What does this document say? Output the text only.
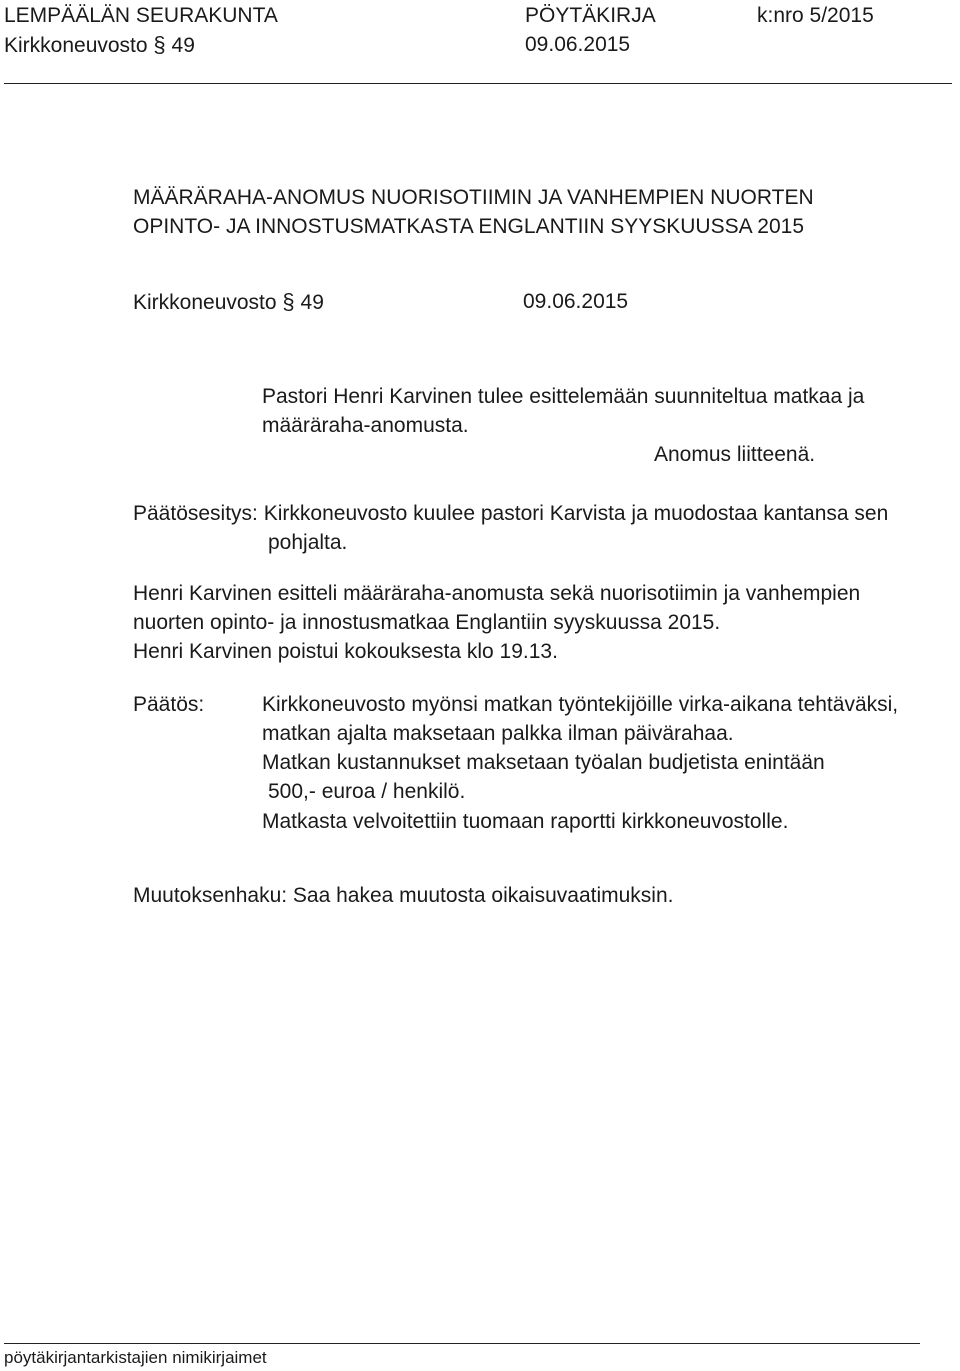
LEMPÄÄLÄN SEURAKUNTA	PÖYTÄKIRJA	k:nro 5/2015
Kirkkoneuvosto § 49	09.06.2015
MÄÄRÄRAHA-ANOMUS NUORISOTIIMIN JA VANHEMPIEN NUORTEN
OPINTO- JA INNOSTUSMATKASTA ENGLANTIIN SYYSKUUSSA 2015
Kirkkoneuvosto § 49	09.06.2015
Pastori Henri Karvinen tulee esittelemään suunniteltua matkaa ja
määräraha-anomusta.
Anomus liitteenä.
Päätösesitys: Kirkkoneuvosto kuulee pastori Karvista ja muodostaa kantansa sen
pohjalta.
Henri Karvinen esitteli määräraha-anomusta sekä nuorisotiimin ja vanhempien
nuorten opinto- ja innostusmatkaa Englantiin syyskuussa 2015.
Henri Karvinen poistui kokouksesta klo 19.13.
Päätös:	Kirkkoneuvosto myönsi matkan työntekijöille virka-aikana tehtäväksi,
matkan ajalta maksetaan palkka ilman päivärahaa.
Matkan kustannukset maksetaan työalan budjetista enintään
500,- euroa / henkilö.
Matkasta velvoitettiin tuomaan raportti kirkkoneuvostolle.
Muutoksenhaku: Saa hakea muutosta oikaisuvaatimuksin.
pöytäkirjantarkistajien nimikirjaimet
